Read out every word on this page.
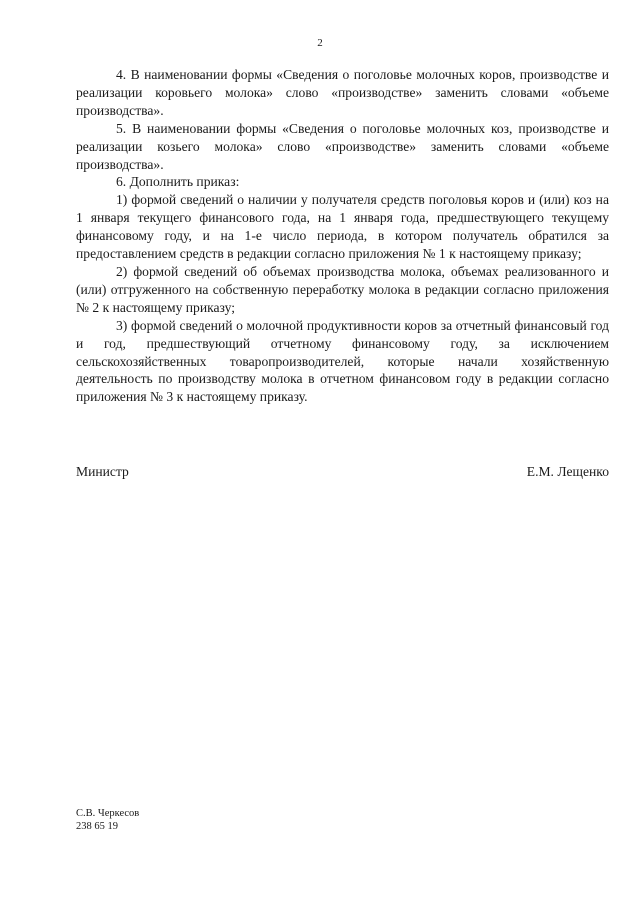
2

4. В наименовании формы «Сведения о поголовье молочных коров, производстве и реализации коровьего молока» слово «производстве» заменить словами «объеме производства».

5. В наименовании формы «Сведения о поголовье молочных коз, производстве и реализации козьего молока» слово «производстве» заменить словами «объеме производства».

6. Дополнить приказ:

1) формой сведений о наличии у получателя средств поголовья коров и (или) коз на 1 января текущего финансового года, на 1 января года, предшествующего текущему финансовому году, и на 1-е число периода, в котором получатель обратился за предоставлением средств в редакции согласно приложения № 1 к настоящему приказу;

2) формой сведений об объемах производства молока, объемах реализованного и (или) отгруженного на собственную переработку молока в редакции согласно приложения № 2 к настоящему приказу;

3) формой сведений о молочной продуктивности коров за отчетный финансовый год и год, предшествующий отчетному финансовому году, за исключением сельскохозяйственных товаропроизводителей, которые начали хозяйственную деятельность по производству молока в отчетном финансовом году в редакции согласно приложения № 3 к настоящему приказу.

Министр	Е.М. Лещенко
С.В. Черкесов
238 65 19
